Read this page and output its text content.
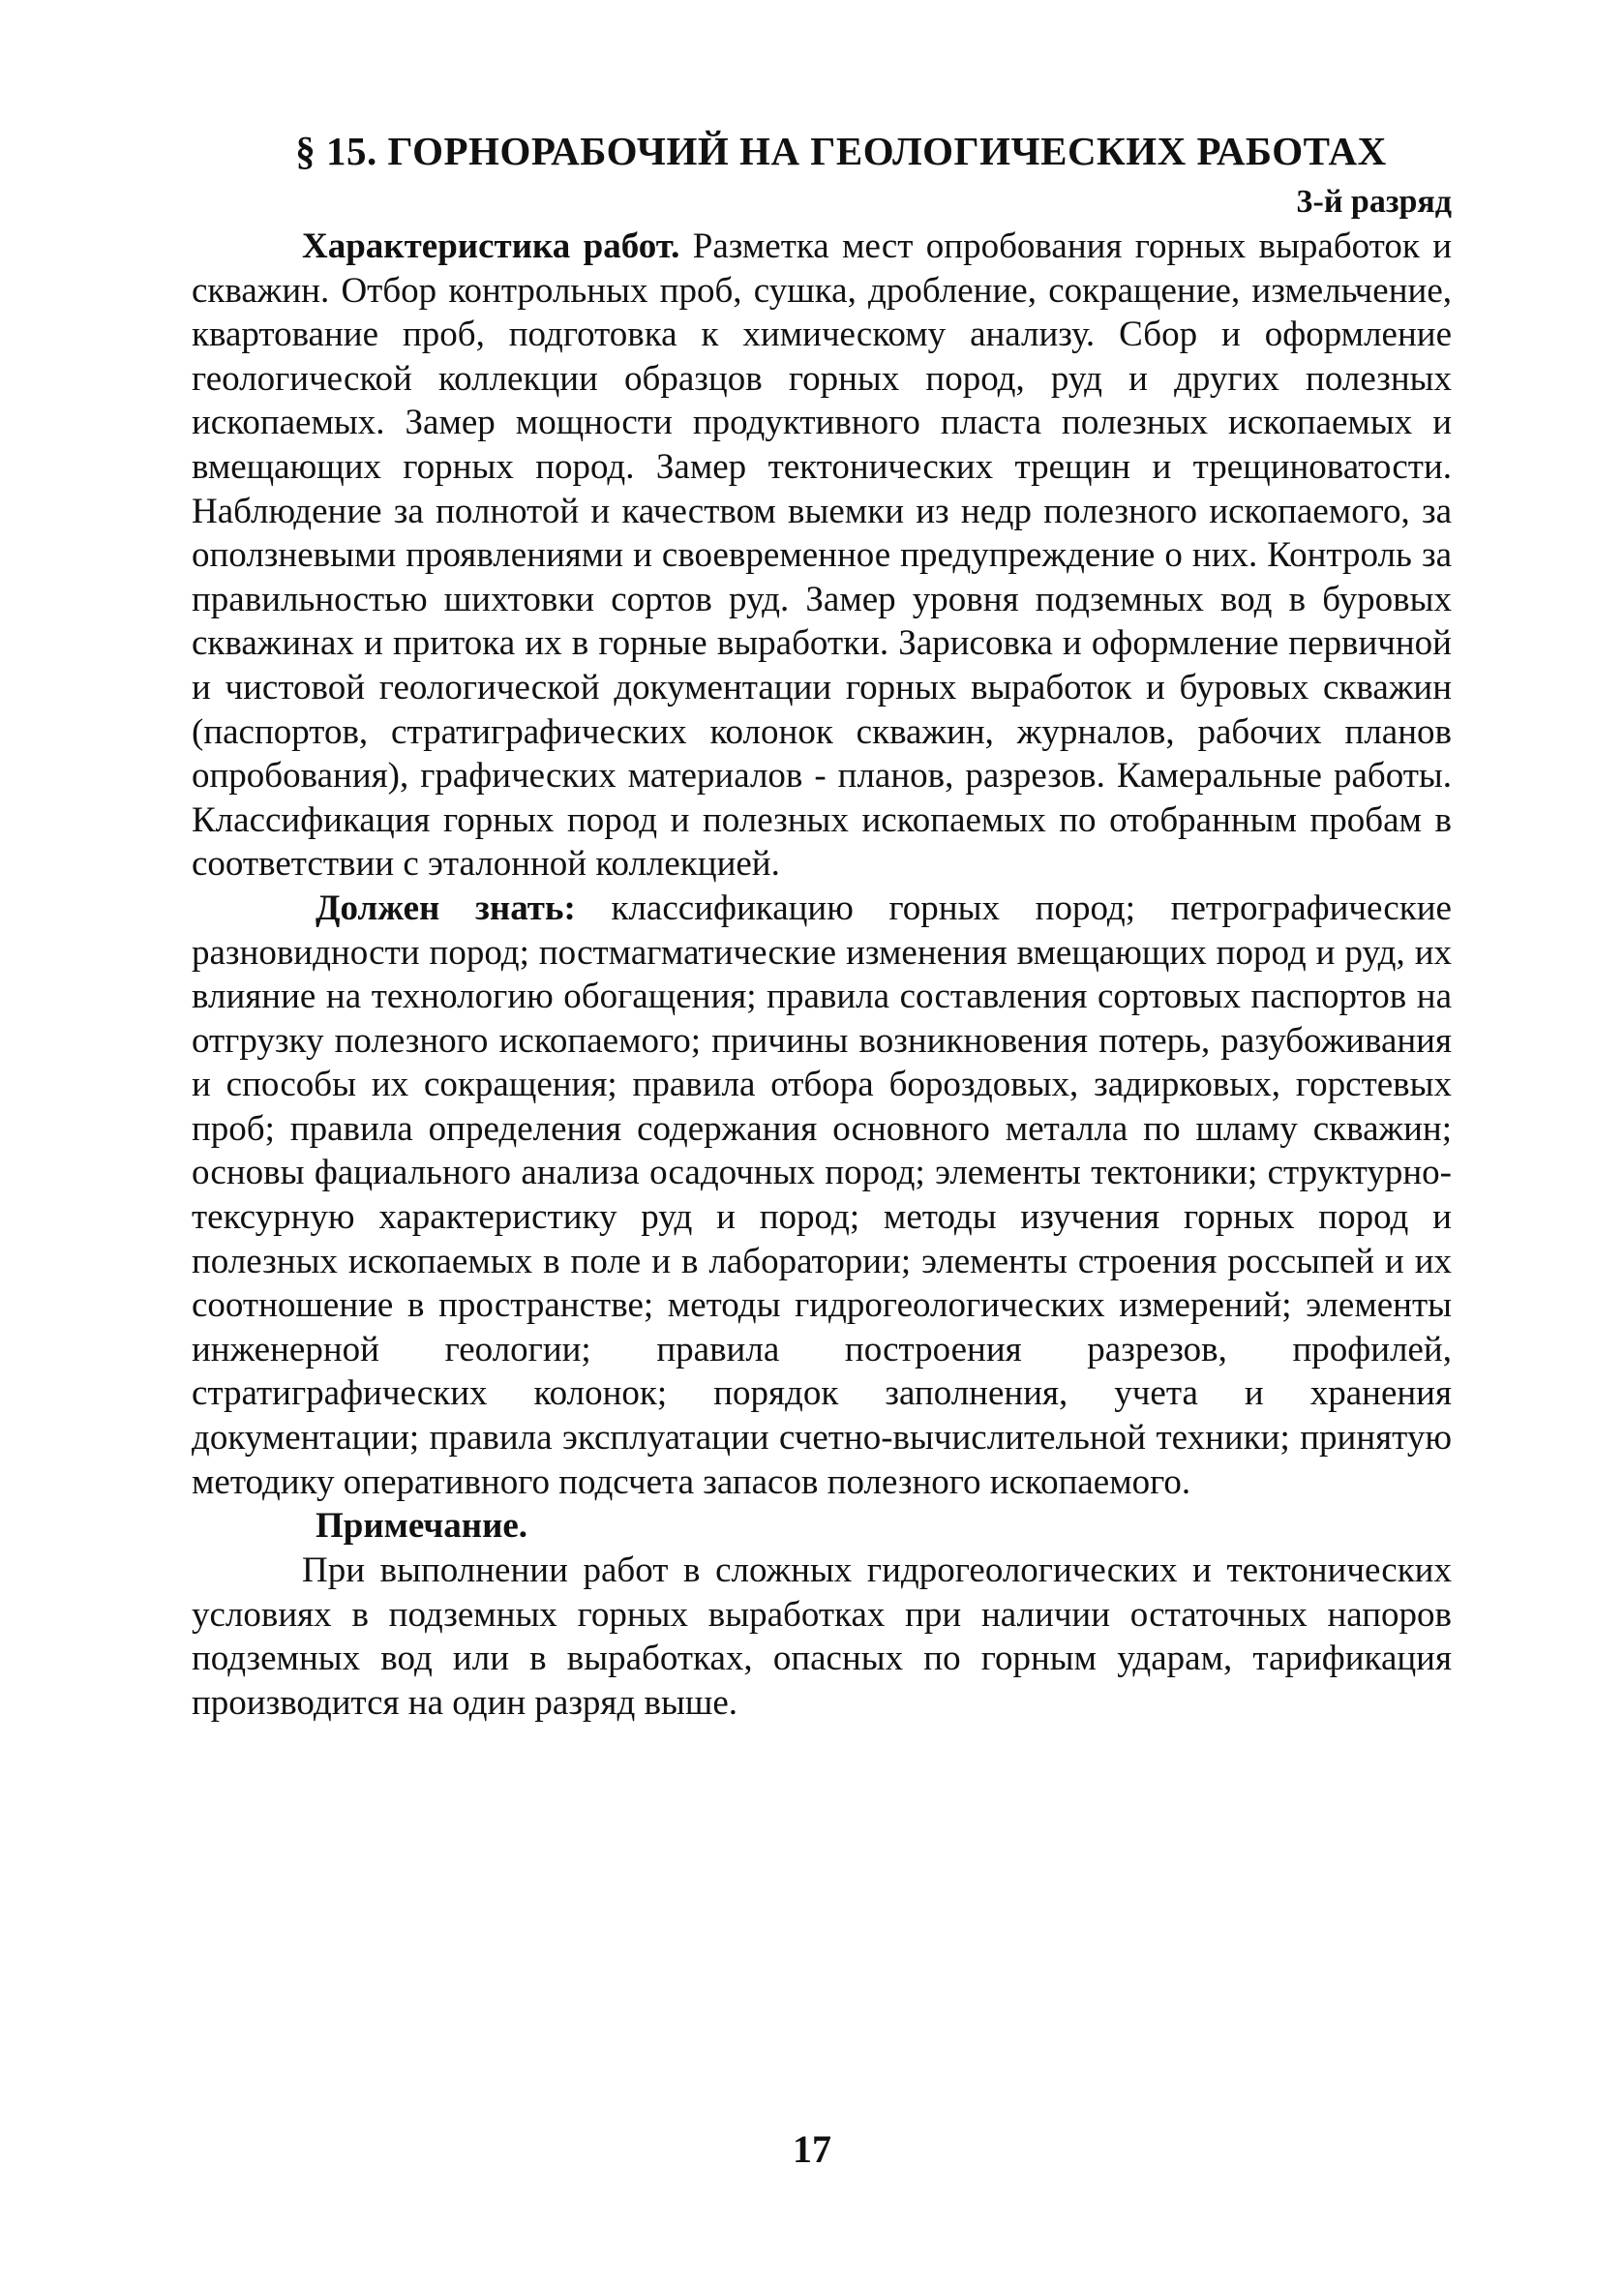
§ 15. ГОРНОРАБОЧИЙ НА ГЕОЛОГИЧЕСКИХ РАБОТАХ
3-й разряд

Характеристика работ. Разметка мест опробования горных выработок и скважин. Отбор контрольных проб, сушка, дробление, сокращение, измельчение, квартование проб, подготовка к химическому анализу. Сбор и оформление геологической коллекции образцов горных пород, руд и других полезных ископаемых. Замер мощности продуктивного пласта полезных ископаемых и вмещающих горных пород. Замер тектонических трещин и трещиноватости. Наблюдение за полнотой и качеством выемки из недр полезного ископаемого, за оползневыми проявлениями и своевременное предупреждение о них. Контроль за правильностью шихтовки сортов руд. Замер уровня подземных вод в буровых скважинах и притока их в горные выработки. Зарисовка и оформление первичной и чистовой геологической документации горных выработок и буровых скважин (паспортов, стратиграфических колонок скважин, журналов, рабочих планов опробования), графических материалов - планов, разрезов. Камеральные работы. Классификация горных пород и полезных ископаемых по отобранным пробам в соответствии с эталонной коллекцией.

Должен знать: классификацию горных пород; петрографические разновидности пород; постмагматические изменения вмещающих пород и руд, их влияние на технологию обогащения; правила составления сортовых паспортов на отгрузку полезного ископаемого; причины возникновения потерь, разубоживания и способы их сокращения; правила отбора бороздовых, задирковых, горстевых проб; правила определения содержания основного металла по шламу скважин; основы фациального анализа осадочных пород; элементы тектоники; структурно-тексурную характеристику руд и пород; методы изучения горных пород и полезных ископаемых в поле и в лаборатории; элементы строения россыпей и их соотношение в пространстве; методы гидрогеологических измерений; элементы инженерной геологии; правила построения разрезов, профилей, стратиграфических колонок; порядок заполнения, учета и хранения документации; правила эксплуатации счетно-вычислительной техники; принятую методику оперативного подсчета запасов полезного ископаемого.

Примечание.

При выполнении работ в сложных гидрогеологических и тектонических условиях в подземных горных выработках при наличии остаточных напоров подземных вод или в выработках, опасных по горным ударам, тарификация производится на один разряд выше.

17
